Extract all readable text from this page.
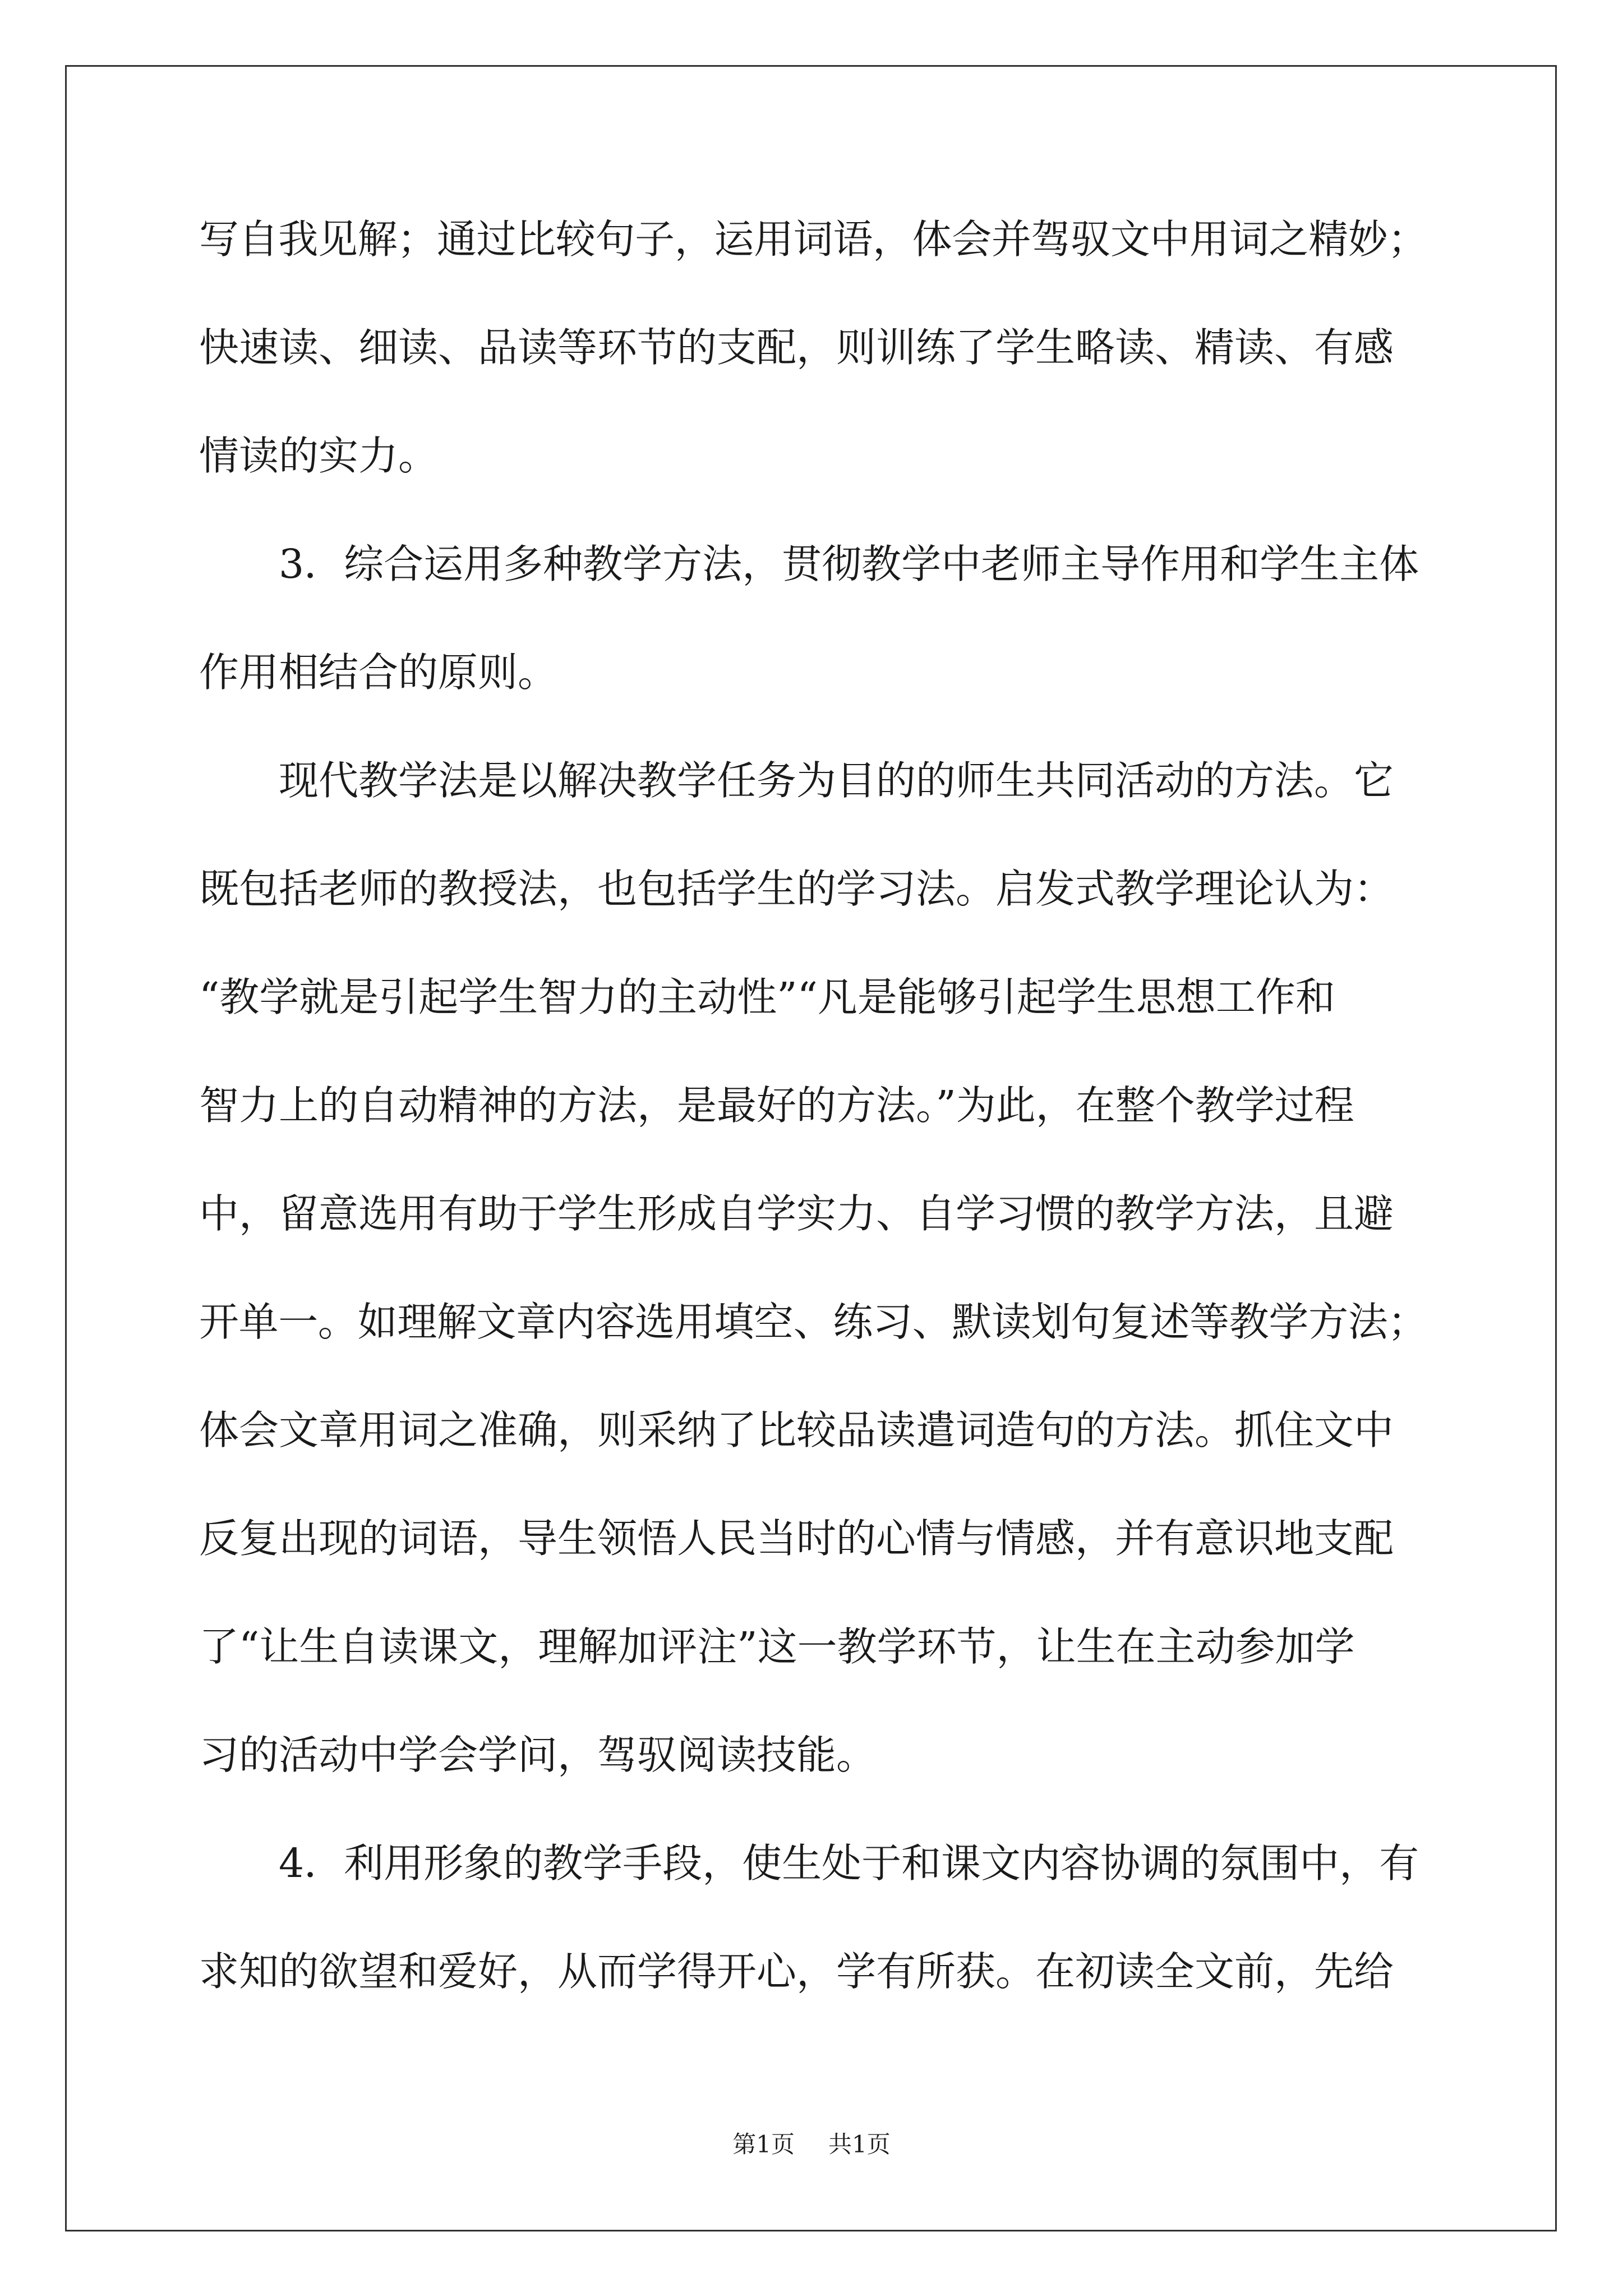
写自我见解；通过比较句子，运用词语，体会并驾驭文中用词之精妙；
快速读、细读、品读等环节的支配，则训练了学生略读、精读、有感
情读的实力。
　　3．综合运用多种教学方法，贯彻教学中老师主导作用和学生主体
作用相结合的原则。
　　现代教学法是以解决教学任务为目的的师生共同活动的方法。它
既包括老师的教授法，也包括学生的学习法。启发式教学理论认为：
“教学就是引起学生智力的主动性”“凡是能够引起学生思想工作和
智力上的自动精神的方法，是最好的方法。”为此，在整个教学过程
中，留意选用有助于学生形成自学实力、自学习惯的教学方法，且避
开单一。如理解文章内容选用填空、练习、默读划句复述等教学方法；
体会文章用词之准确，则采纳了比较品读遣词造句的方法。抓住文中
反复出现的词语，导生领悟人民当时的心情与情感，并有意识地支配
了“让生自读课文，理解加评注”这一教学环节，让生在主动参加学
习的活动中学会学问，驾驭阅读技能。
　　4．利用形象的教学手段，使生处于和课文内容协调的氛围中，有
求知的欲望和爱好，从而学得开心，学有所获。在初读全文前，先给
第1页 共1页
